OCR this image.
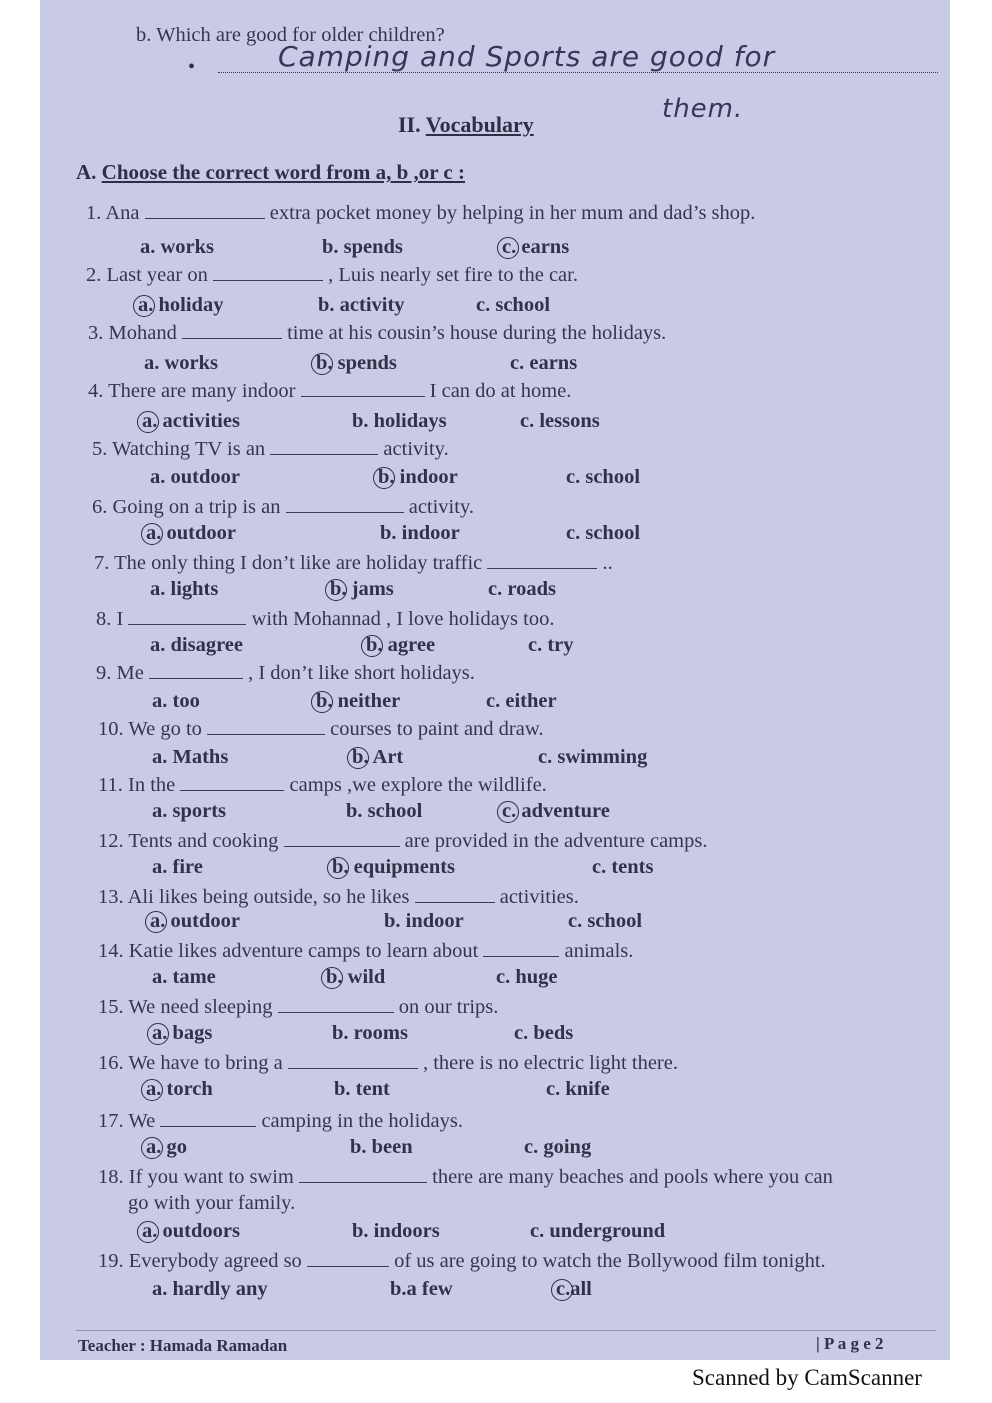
b. Which are good for older children?
•	Camping and Sports are good for
them.
II. Vocabulary
A. Choose the correct word from a, b ,or c :
1. Ana	extra pocket money by helping in her mum and dad’s shop.
a. works	b. spends	c. earns
2. Last year on	, Luis nearly set fire to the car.
a. holiday	b. activity	c. school
3. Mohand	time at his cousin’s house during the holidays.
a. works	b. spends	c. earns
4. There are many indoor	I can do at home.
a. activities	b. holidays	c. lessons
5. Watching TV is an	activity.
a. outdoor	b. indoor	c. school
6. Going on a trip is an	activity.
a. outdoor	b. indoor	c. school
7. The only thing I don’t like are holiday traffic	..
a. lights	b. jams	c. roads
8. I	with Mohannad , I love holidays too.
a. disagree	b. agree	c. try
9. Me	, I don’t like short holidays.
a. too	b. neither	c. either
10. We go to	courses to paint and draw.
a. Maths	b. Art	c. swimming
11. In the	camps ,we explore the wildlife.
a. sports	b. school	c. adventure
12. Tents and cooking	are provided in the adventure camps.
a. fire	b. equipments	c. tents
13. Ali likes being outside, so he likes	activities.
a. outdoor	b. indoor	c. school
14. Katie likes adventure camps to learn about	animals.
a. tame	b. wild	c. huge
15. We need sleeping	on our trips.
a. bags	b. rooms	c. beds
16. We have to bring a	, there is no electric light there.
a. torch	b. tent	c. knife
17. We	camping in the holidays.
a. go	b. been	c. going
18. If you want to swim	there are many beaches and pools where you can
go with your family.
a. outdoors	b. indoors	c. underground
19. Everybody agreed so	of us are going to watch the Bollywood film tonight.
a. hardly any	b.a few	c.all
Teacher : Hamada Ramadan	| P a g e 2
Scanned by CamScanner
